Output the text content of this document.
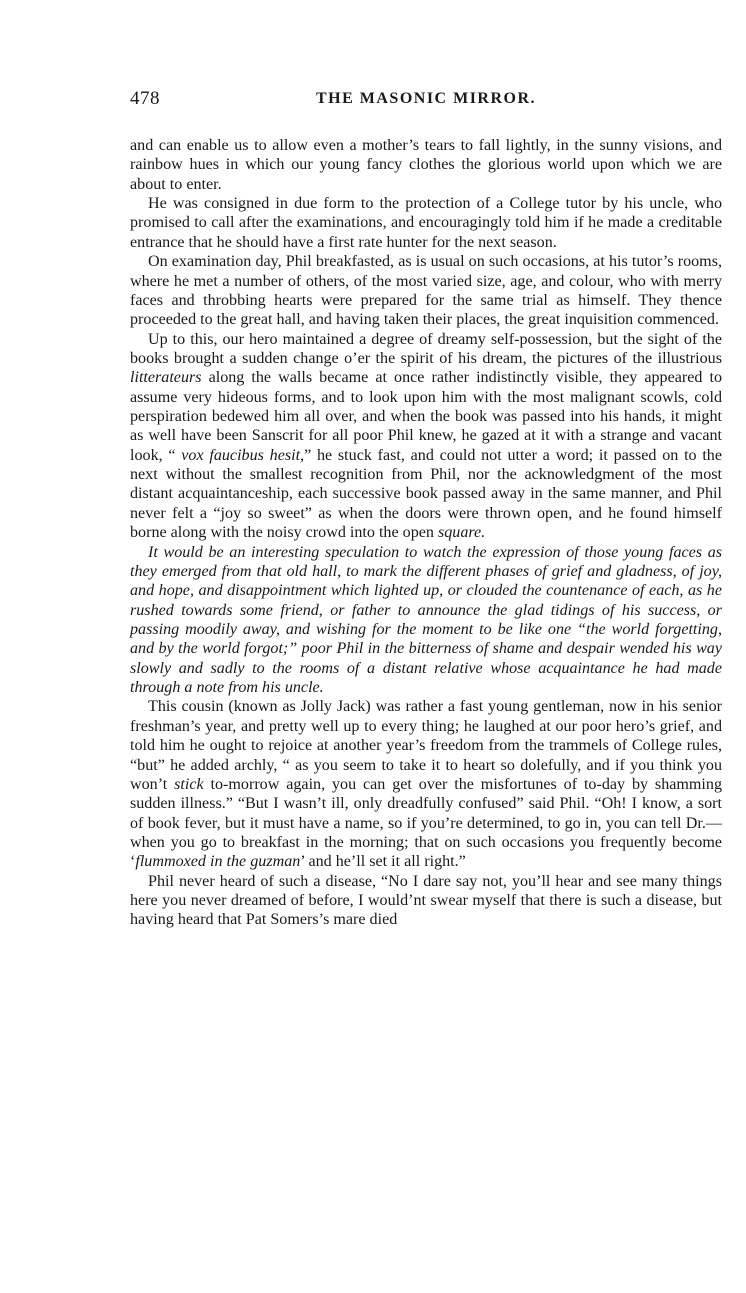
478	THE MASONIC MIRROR.

and can enable us to allow even a mother’s tears to fall lightly, in the sunny visions, and rainbow hues in which our young fancy clothes the glorious world upon which we are about to enter.

He was consigned in due form to the protection of a College tutor by his uncle, who promised to call after the examinations, and encouragingly told him if he made a creditable entrance that he should have a first rate hunter for the next season.

On examination day, Phil breakfasted, as is usual on such occasions, at his tutor’s rooms, where he met a number of others, of the most varied size, age, and colour, who with merry faces and throbbing hearts were prepared for the same trial as himself. They thence proceeded to the great hall, and having taken their places, the great inquisition commenced.

Up to this, our hero maintained a degree of dreamy self-possession, but the sight of the books brought a sudden change o’er the spirit of his dream, the pictures of the illustrious litterateurs along the walls became at once rather indistinctly visible, they appeared to assume very hideous forms, and to look upon him with the most malignant scowls, cold perspiration bedewed him all over, and when the book was passed into his hands, it might as well have been Sanscrit for all poor Phil knew, he gazed at it with a strange and vacant look, “ vox faucibus hesit,” he stuck fast, and could not utter a word; it passed on to the next without the smallest recognition from Phil, nor the acknowledgment of the most distant acquaintanceship, each successive book passed away in the same manner, and Phil never felt a “joy so sweet” as when the doors were thrown open, and he found himself borne along with the noisy crowd into the open square.

It would be an interesting speculation to watch the expression of those young faces as they emerged from that old hall, to mark the different phases of grief and gladness, of joy, and hope, and disappointment which lighted up, or clouded the countenance of each, as he rushed towards some friend, or father to announce the glad tidings of his success, or passing moodily away, and wishing for the moment to be like one “the world forgetting, and by the world forgot;” poor Phil in the bitterness of shame and despair wended his way slowly and sadly to the rooms of a distant relative whose acquaintance he had made through a note from his uncle.

This cousin (known as Jolly Jack) was rather a fast young gentleman, now in his senior freshman’s year, and pretty well up to every thing; he laughed at our poor hero’s grief, and told him he ought to rejoice at another year’s freedom from the trammels of College rules, “but” he added archly, “ as you seem to take it to heart so dolefully, and if you think you won’t stick to-morrow again, you can get over the misfortunes of to-day by shamming sudden illness.” “But I wasn’t ill, only dreadfully confused” said Phil. “Oh! I know, a sort of book fever, but it must have a name, so if you’re determined, to go in, you can tell Dr.—when you go to breakfast in the morning; that on such occasions you frequently become ‘flummoxed in the guzman’ and he’ll set it all right.”

Phil never heard of such a disease, “No I dare say not, you’ll hear and see many things here you never dreamed of before, I would’nt swear myself that there is such a disease, but having heard that Pat Somers’s mare died
